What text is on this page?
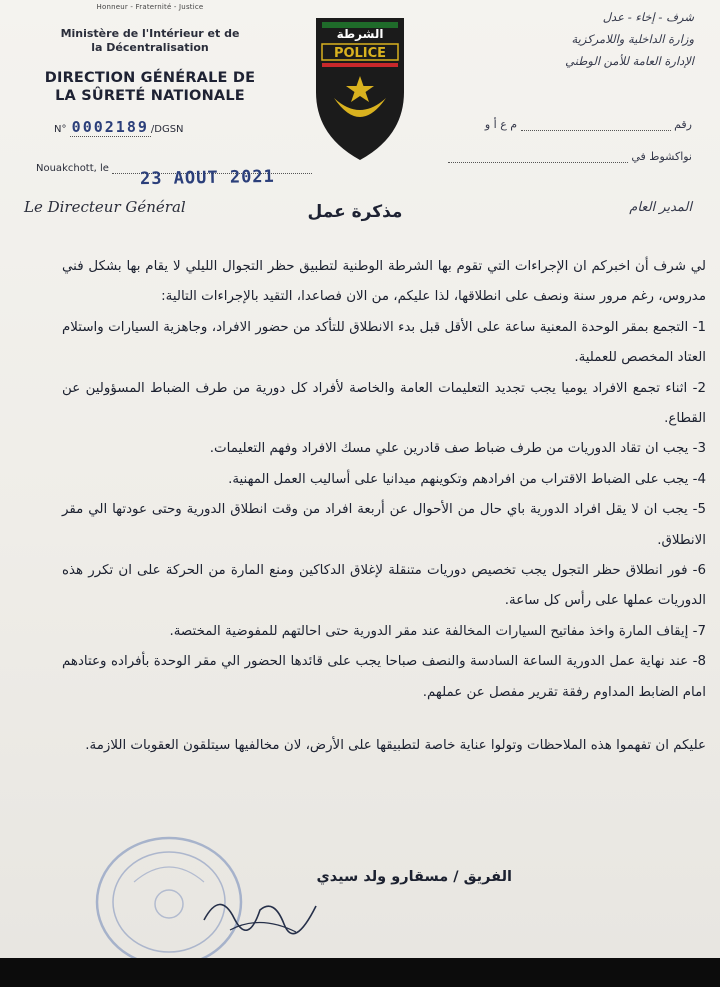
Honneur - Fraternité - Justice
Ministère de l'Intérieur et de
la Décentralisation
DIRECTION GÉNÉRALE DE
LA SÛRETÉ NATIONALE
N° 0002189 /DGSN
Nouakchott, le	23 AOUT 2021
Le Directeur Général
الشرطة
POLICE
شرف - إخاء - عدل
وزارة الداخلية واللامركزية
الإدارة العامة للأمن الوطني
رقم  م ع أ و
نواكشوط في
المدير العام
مذكرة عمل

لي شرف أن اخبركم ان الإجراءات التي تقوم بها الشرطة الوطنية لتطبيق حظر التجوال الليلي لا يقام بها بشكل فني مدروس، رغم مرور سنة ونصف على انطلاقها، لذا عليكم، من الان فصاعدا، التقيد بالإجراءات التالية:

1- التجمع بمقر الوحدة المعنية ساعة على الأقل قبل بدء الانطلاق للتأكد من حضور الافراد، وجاهزية السيارات واستلام العتاد المخصص للعملية.

2- اثناء تجمع الافراد يوميا يجب تجديد التعليمات العامة والخاصة لأفراد كل دورية من طرف الضباط المسؤولين عن القطاع.

3- يجب ان تقاد الدوريات من طرف ضباط صف قادرين علي مسك الافراد وفهم التعليمات.

4- يجب على الضباط الاقتراب من افرادهم وتكوينهم ميدانيا على أساليب العمل المهنية.

5- يجب ان لا يقل افراد الدورية باي حال من الأحوال عن أربعة افراد من وقت انطلاق الدورية وحتى عودتها الي مقر الانطلاق.

6- فور انطلاق حظر التجول يجب تخصيص دوريات متنقلة لإغلاق الدكاكين ومنع المارة من الحركة على ان تكرر هذه الدوريات عملها على رأس كل ساعة.

7- إيقاف المارة واخذ مفاتيح السيارات المخالفة عند مقر الدورية حتى احالتهم للمفوضية المختصة.

8- عند نهاية عمل الدورية الساعة السادسة والنصف صباحا يجب على قائدها الحضور الي مقر الوحدة بأفراده وعتادهم امام الضابط المداوم رفقة تقرير مفصل عن عملهم.

عليكم ان تفهموا هذه الملاحظات وتولوا عناية خاصة لتطبيقها على الأرض، لان مخالفيها سيتلقون العقوبات اللازمة.

الفريق / مسقارو ولد سيدي
